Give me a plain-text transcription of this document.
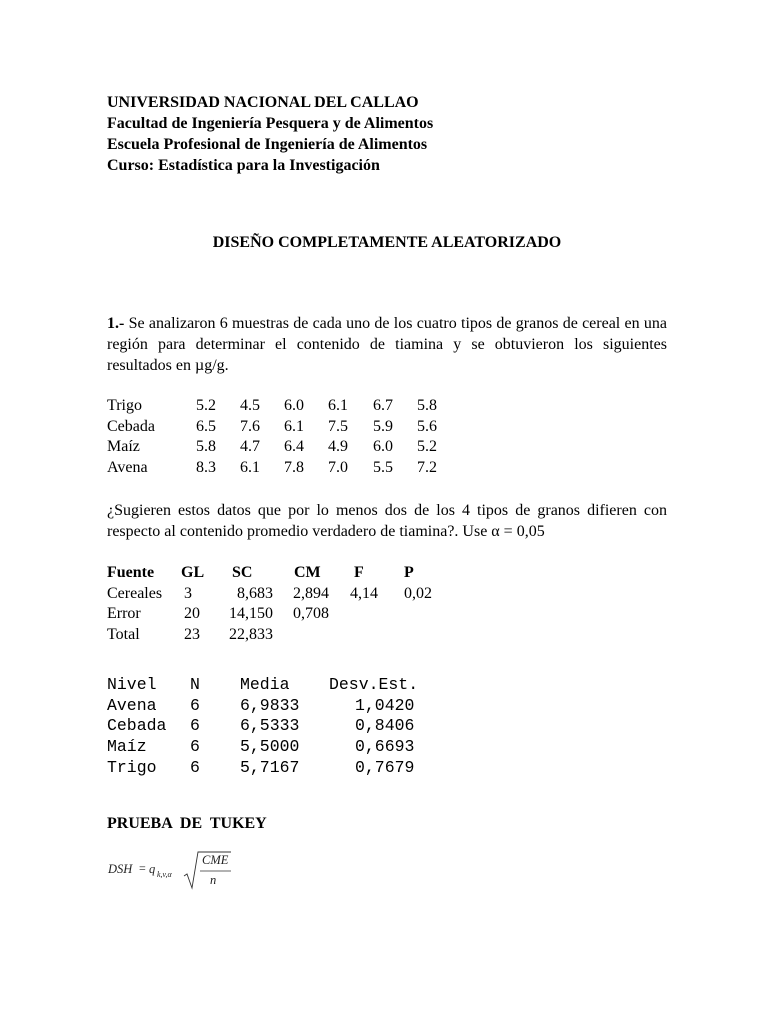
UNIVERSIDAD NACIONAL DEL CALLAO
Facultad de Ingeniería Pesquera y de Alimentos
Escuela Profesional de Ingeniería de Alimentos
Curso: Estadística para la Investigación
DISEÑO COMPLETAMENTE ALEATORIZADO
1.- Se analizaron 6 muestras de cada uno de los cuatro tipos de granos de cereal en una región para determinar el contenido de tiamina y se obtuvieron los siguientes resultados en µg/g.
Trigo	5.2 4.5 6.0 6.1 6.7 5.8
Cebada	6.5 7.6 6.1 7.5 5.9 5.6
Maíz	5.8 4.7 6.4 4.9 6.0 5.2
Avena	8.3 6.1 7.8 7.0 5.5 7.2
¿Sugieren estos datos que por lo menos dos de los 4 tipos de granos difieren con respecto al contenido promedio verdadero de tiamina?. Use α = 0,05
Fuente GL SC	CM F	P
Cereales 3	8,683 2,894 4,14 0,02
Error	20	14,150 0,708
Total	23	22,833
Nivel N Media Desv.Est.
Avena 6 6,9833	1,0420
Cebada 6 6,5333	0,8406
Maíz	6 5,5000	0,6693
Trigo 6 5,7167	0,7679
PRUEBA DE TUKEY
DSH = q k,v,α
CME
n
